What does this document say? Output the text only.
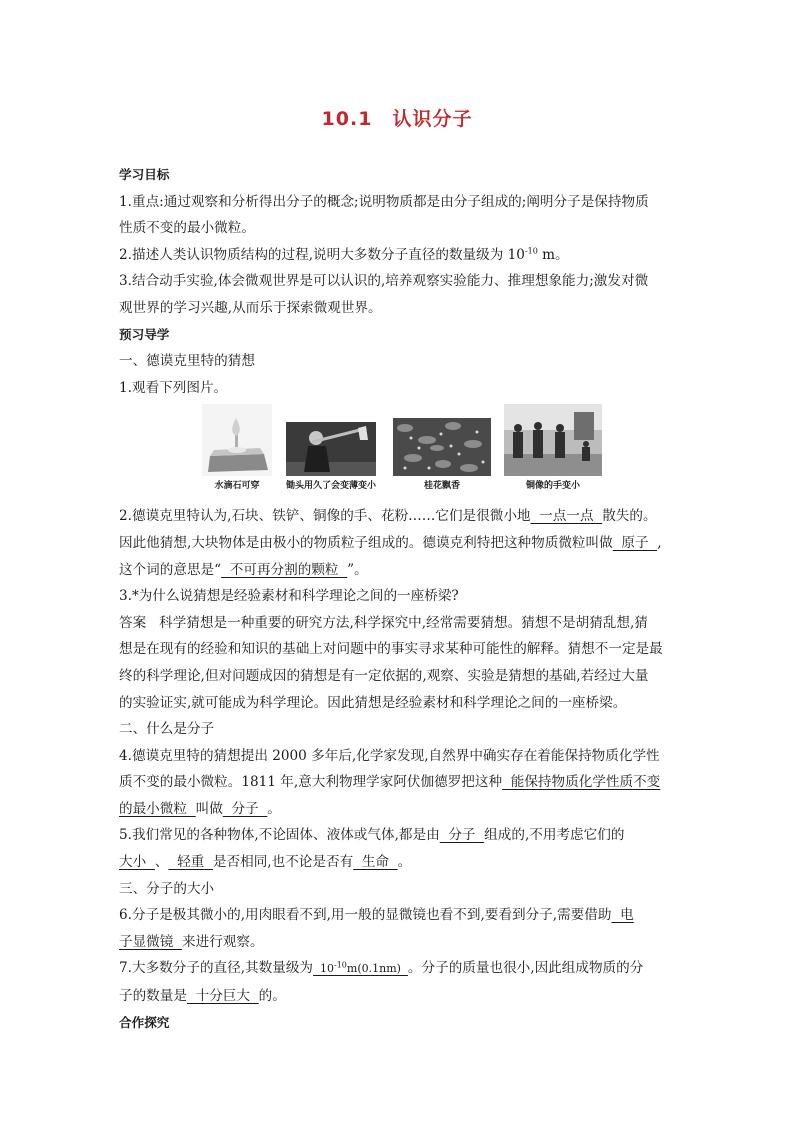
10.1 认识分子

学习目标

1.重点:通过观察和分析得出分子的概念;说明物质都是由分子组成的;阐明分子是保持物质

性质不变的最小微粒。

2.描述人类认识物质结构的过程,说明大多数分子直径的数量级为 $10^{-10}$ m。

3.结合动手实验,体会微观世界是可以认识的,培养观察实验能力、推理想象能力;激发对微

观世界的学习兴趣,从而乐于探索微观世界。

预习导学

一、德谟克里特的猜想

1.观看下列图片。

水滴石可穿	锄头用久了会变薄变小	桂花飘香	铜像的手变小

2.德谟克里特认为,石块、铁铲、铜像的手、花粉……它们是很微小地  一点一点  散失的。

因此他猜想,大块物体是由极小的物质粒子组成的。德谟克利特把这种物质微粒叫做  原子  ,

这个词的意思是“  不可再分割的颗粒  ”。

3.*为什么说猜想是经验素材和科学理论之间的一座桥梁?

答案   科学猜想是一种重要的研究方法,科学探究中,经常需要猜想。猜想不是胡猜乱想,猜

想是在现有的经验和知识的基础上对问题中的事实寻求某种可能性的解释。猜想不一定是最

终的科学理论,但对问题成因的猜想是有一定依据的,观察、实验是猜想的基础,若经过大量

的实验证实,就可能成为科学理论。因此猜想是经验素材和科学理论之间的一座桥梁。

二、什么是分子

4.德谟克里特的猜想提出 2000 多年后,化学家发现,自然界中确实存在着能保持物质化学性

质不变的最小微粒。1811 年,意大利物理学家阿伏伽德罗把这种  能保持物质化学性质不变

的最小微粒  叫做  分子  。

5.我们常见的各种物体,不论固体、液体或气体,都是由  分子  组成的,不用考虑它们的

大小  、  轻重  是否相同,也不论是否有  生命  。

三、分子的大小

6.分子是极其微小的,用肉眼看不到,用一般的显微镜也看不到,要看到分子,需要借助  电

子显微镜  来进行观察。

7.大多数分子的直径,其数量级为  $10^{-10}m(0.1nm)$  。分子的质量也很小,因此组成物质的分

子的数量是  十分巨大  的。

合作探究
